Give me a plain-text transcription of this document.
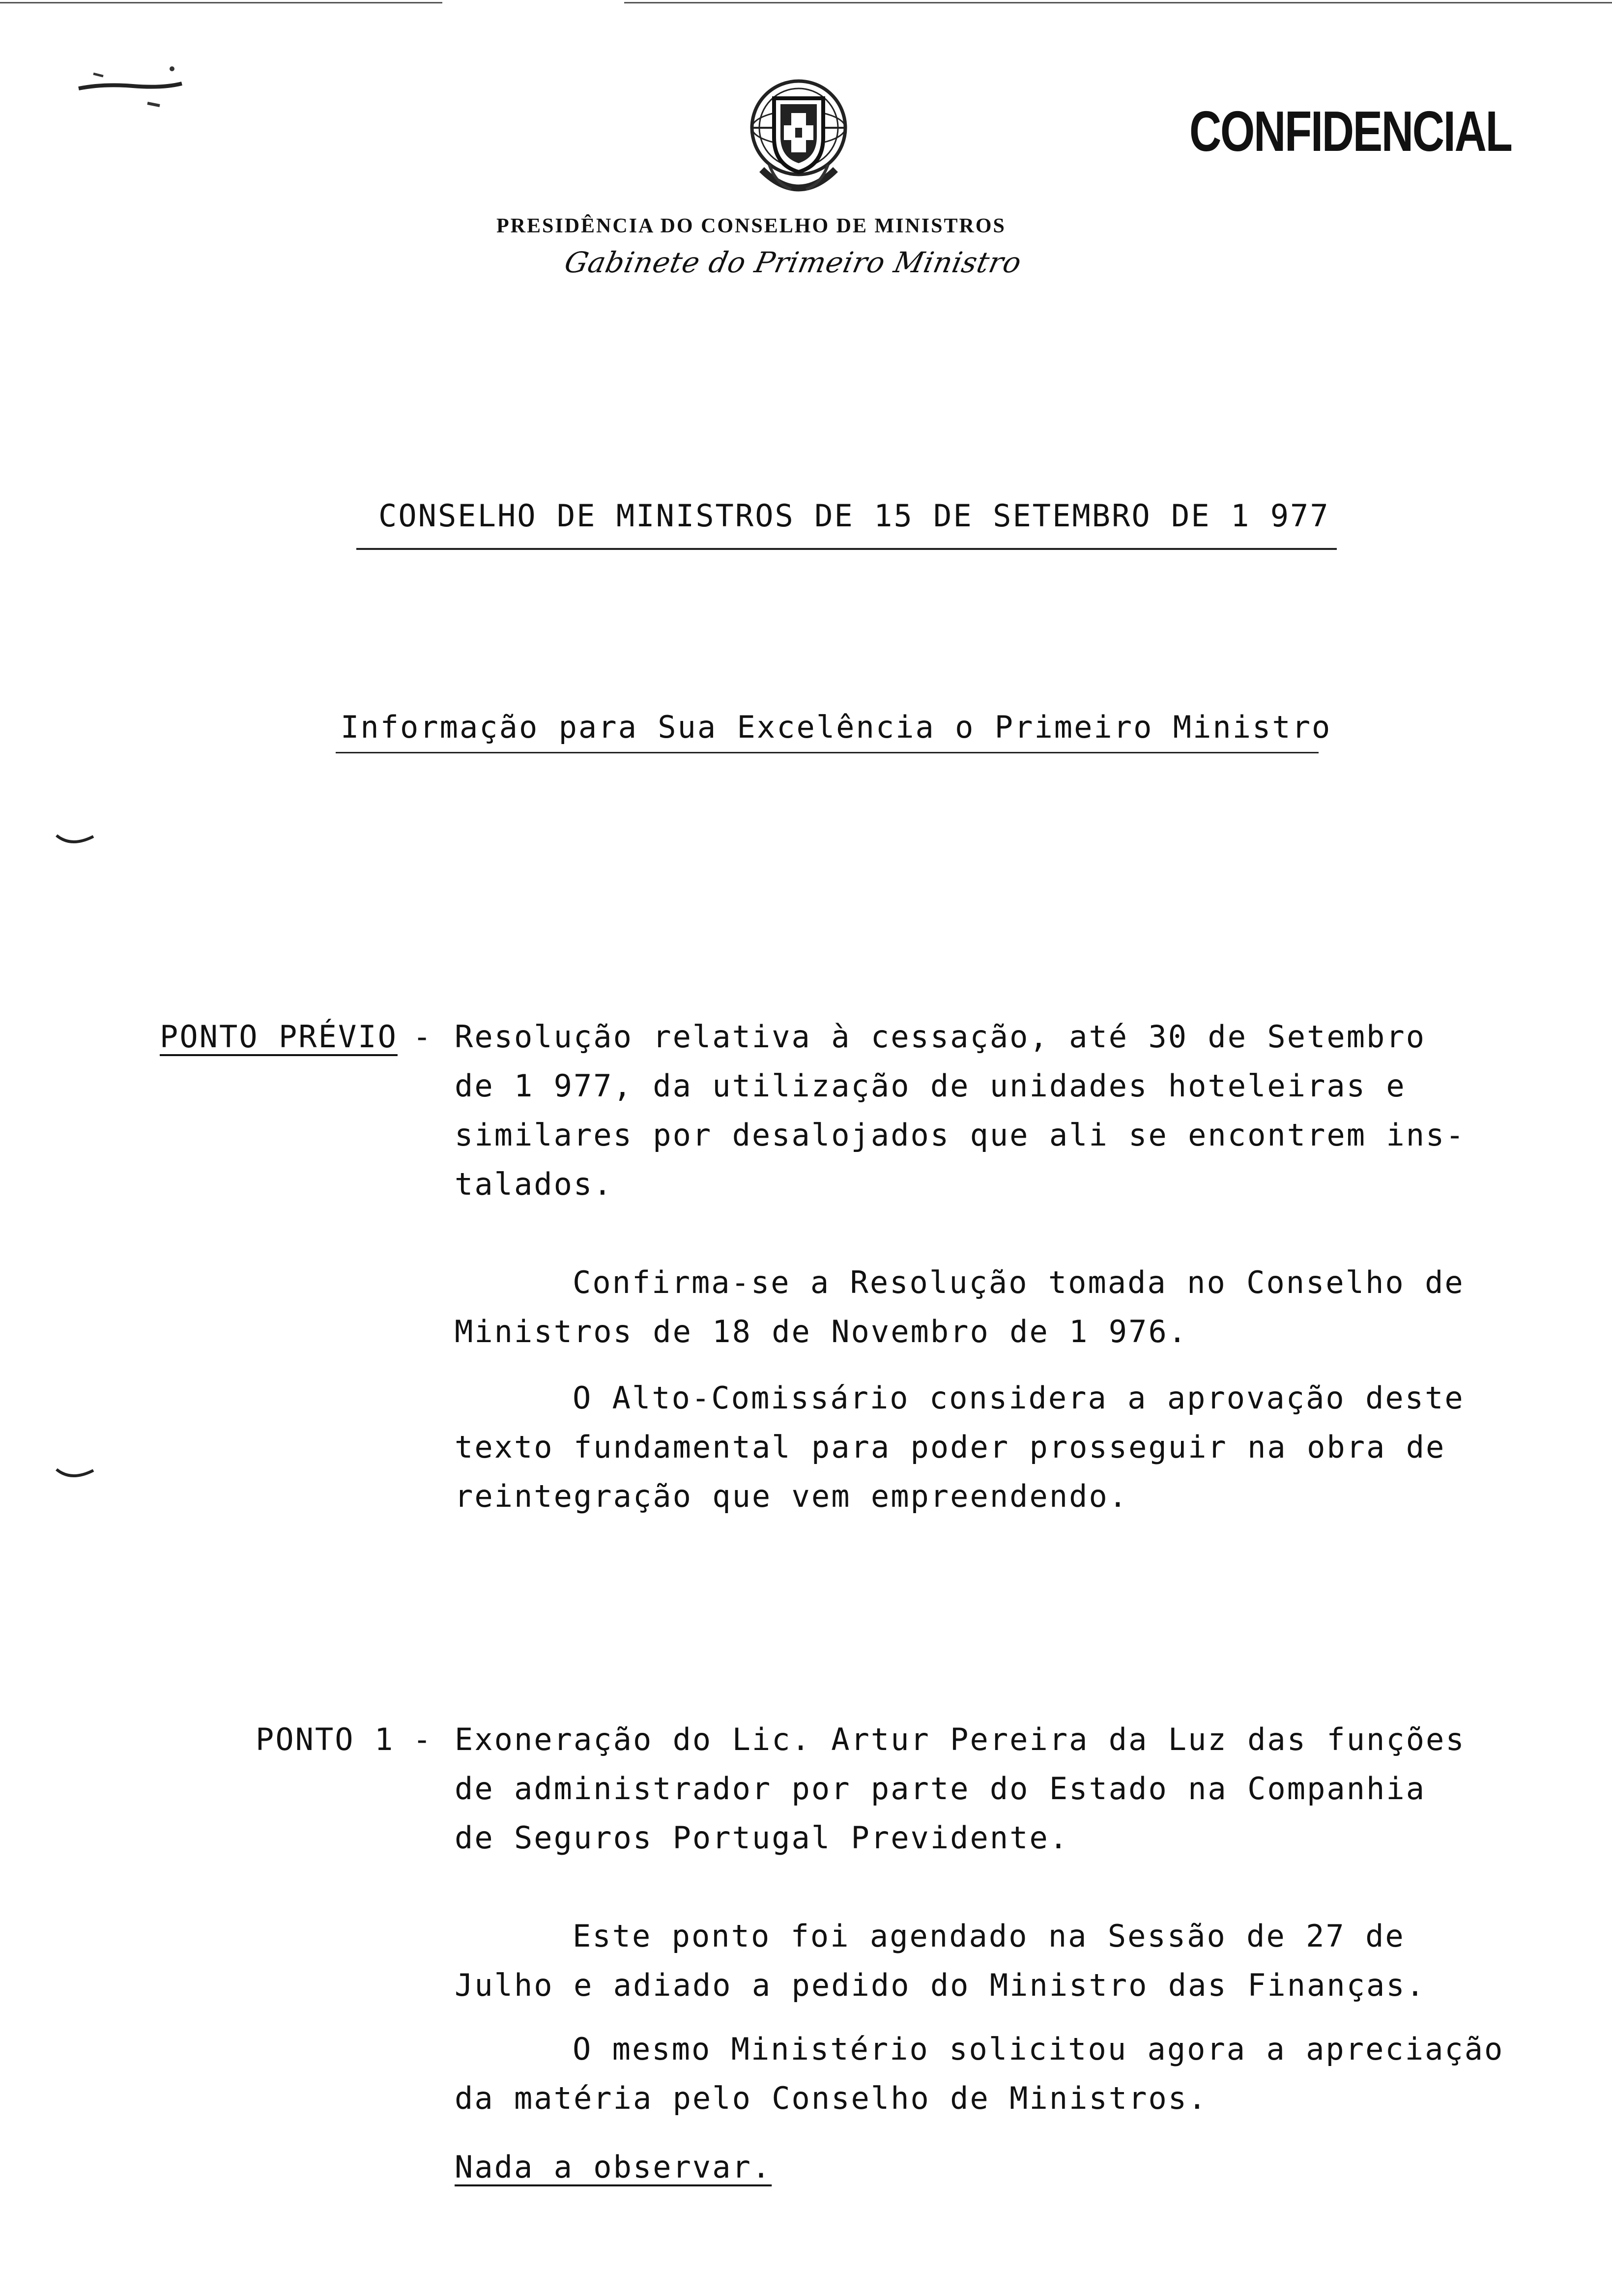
CONFIDENCIAL
PRESIDÊNCIA DO CONSELHO DE MINISTROS
Gabinete do Primeiro Ministro
CONSELHO DE MINISTROS DE 15 DE SETEMBRO DE 1 977
Informação para Sua Excelência o Primeiro Ministro
PONTO PRÉVIO - Resolução relativa à cessação, até 30 de Setembro
de 1 977, da utilização de unidades hoteleiras e
similares por desalojados que ali se encontrem ins-
talados.
Confirma-se a Resolução tomada no Conselho de
Ministros de 18 de Novembro de 1 976.
O Alto-Comissário considera a aprovação deste
texto fundamental para poder prosseguir na obra de
reintegração que vem empreendendo.
PONTO 1 - Exoneração do Lic. Artur Pereira da Luz das funções
de administrador por parte do Estado na Companhia
de Seguros Portugal Previdente.
Este ponto foi agendado na Sessão de 27 de
Julho e adiado a pedido do Ministro das Finanças.
O mesmo Ministério solicitou agora a apreciação
da matéria pelo Conselho de Ministros.
Nada a observar.
